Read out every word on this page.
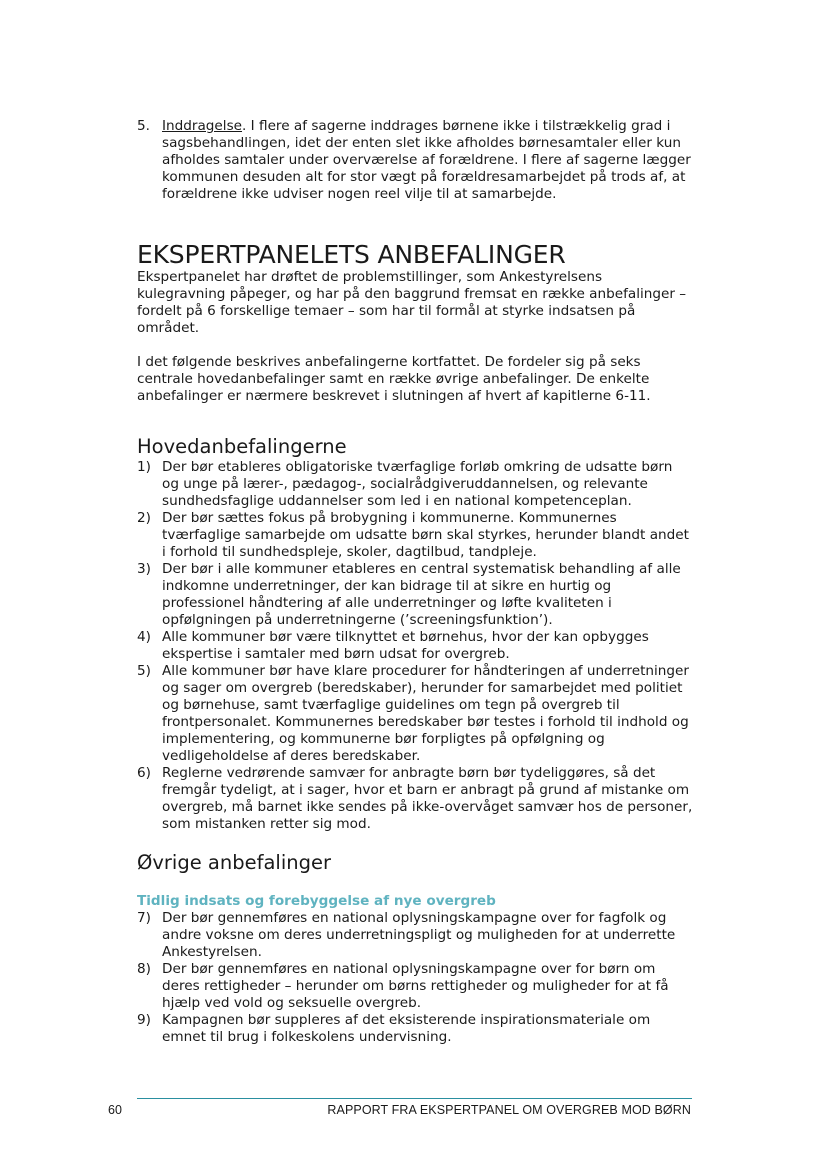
5. Inddragelse. I flere af sagerne inddrages børnene ikke i tilstrækkelig grad i sagsbehandlingen, idet der enten slet ikke afholdes børnesamtaler eller kun afholdes samtaler under overværelse af forældrene. I flere af sagerne lægger kommunen desuden alt for stor vægt på forældresamarbejdet på trods af, at forældrene ikke udviser nogen reel vilje til at samarbejde.
EKSPERTPANELETS ANBEFALINGER

Ekspertpanelet har drøftet de problemstillinger, som Ankestyrelsens kulegravning påpeger, og har på den baggrund fremsat en række anbefalinger – fordelt på 6 forskellige temaer – som har til formål at styrke indsatsen på området.

I det følgende beskrives anbefalingerne kortfattet. De fordeler sig på seks centrale hovedanbefalinger samt en række øvrige anbefalinger. De enkelte anbefalinger er nærmere beskrevet i slutningen af hvert af kapitlerne 6-11.

Hovedanbefalingerne
1) Der bør etableres obligatoriske tværfaglige forløb omkring de udsatte børn og unge på lærer-, pædagog-, socialrådgiveruddannelsen, og relevante sundhedsfaglige uddannelser som led i en national kompetenceplan.
2) Der bør sættes fokus på brobygning i kommunerne. Kommunernes tværfaglige samarbejde om udsatte børn skal styrkes, herunder blandt andet i forhold til sundhedspleje, skoler, dagtilbud, tandpleje.
3) Der bør i alle kommuner etableres en central systematisk behandling af alle indkomne underretninger, der kan bidrage til at sikre en hurtig og professionel håndtering af alle underretninger og løfte kvaliteten i opfølgningen på underretningerne (’screeningsfunktion’).
4) Alle kommuner bør være tilknyttet et børnehus, hvor der kan opbygges ekspertise i samtaler med børn udsat for overgreb.
5) Alle kommuner bør have klare procedurer for håndteringen af underretninger og sager om overgreb (beredskaber), herunder for samarbejdet med politiet og børnehuse, samt tværfaglige guidelines om tegn på overgreb til frontpersonalet. Kommunernes beredskaber bør testes i forhold til indhold og implementering, og kommunerne bør forpligtes på opfølgning og vedligeholdelse af deres beredskaber.
6) Reglerne vedrørende samvær for anbragte børn bør tydeliggøres, så det fremgår tydeligt, at i sager, hvor et barn er anbragt på grund af mistanke om overgreb, må barnet ikke sendes på ikke-overvåget samvær hos de personer, som mistanken retter sig mod.
Øvrige anbefalinger
Tidlig indsats og forebyggelse af nye overgreb
7) Der bør gennemføres en national oplysningskampagne over for fagfolk og andre voksne om deres underretningspligt og muligheden for at underrette Ankestyrelsen.
8) Der bør gennemføres en national oplysningskampagne over for børn om deres rettigheder – herunder om børns rettigheder og muligheder for at få hjælp ved vold og seksuelle overgreb.
9) Kampagnen bør suppleres af det eksisterende inspirationsmateriale om emnet til brug i folkeskolens undervisning.
60	RAPPORT FRA EKSPERTPANEL OM OVERGREB MOD BØRN
